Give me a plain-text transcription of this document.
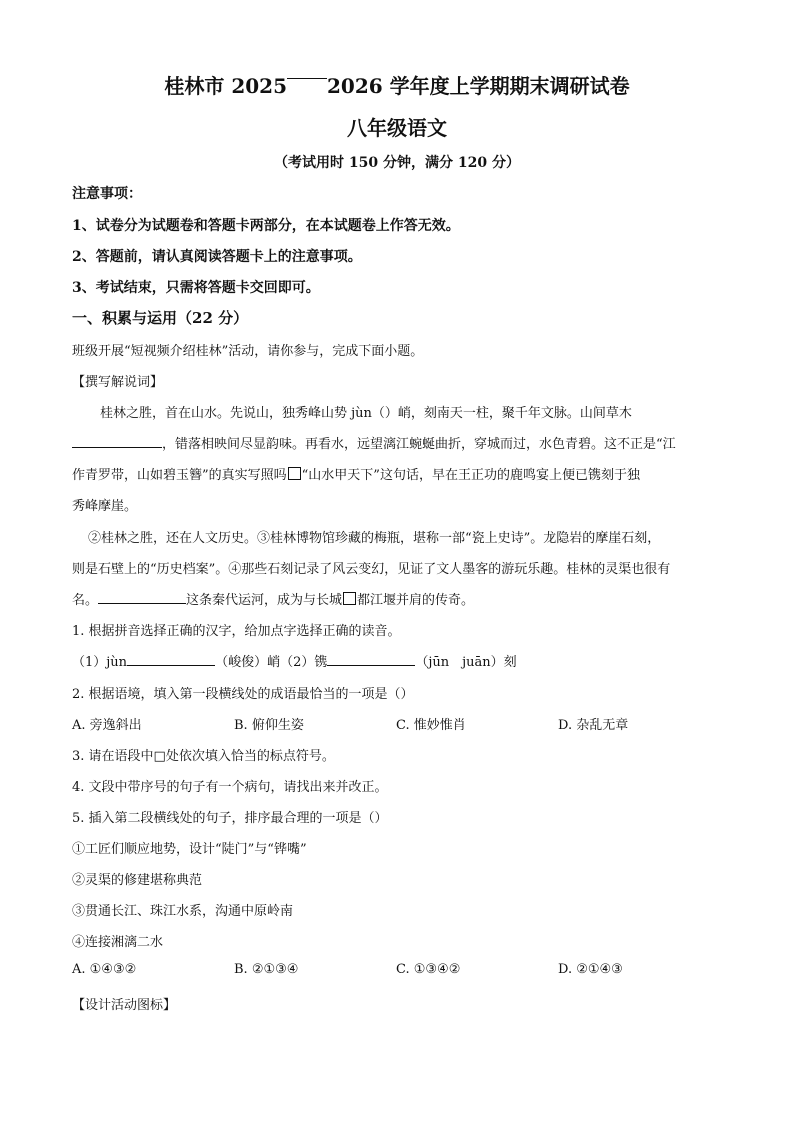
桂林市 2025 2026 学年度上学期期末调研试卷
八年级语文
（考试用时 150 分钟，满分 120 分）
注意事项：
1、试卷分为试题卷和答题卡两部分，在本试题卷上作答无效。
2、答题前，请认真阅读答题卡上的注意事项。
3、考试结束，只需将答题卡交回即可。
一、积累与运用（22 分）
班级开展“短视频介绍桂林”活动，请你参与，完成下面小题。
【撰写解说词】
桂林之胜，首在山水。先说山，独秀峰山势 jùn（）峭，刻南天一柱，聚千年文脉。山间草木
，错落相映间尽显韵味。再看水，远望漓江蜿蜒曲折，穿城而过，水色青碧。这不正是“江
作青罗带，山如碧玉簪”的真实写照吗 “山水甲天下”这句话，早在王正功的鹿鸣宴上便已镌刻于独
秀峰摩崖。
②桂林之胜，还在人文历史。③桂林博物馆珍藏的梅瓶，堪称一部“瓷上史诗”。龙隐岩的摩崖石刻，
则是石壁上的“历史档案”。④那些石刻记录了风云变幻，见证了文人墨客的游玩乐趣。桂林的灵渠也很有
名。	这条秦代运河，成为与长城 都江堰并肩的传奇。
1. 根据拼音选择正确的汉字，给加点字选择正确的读音。
（1）jùn	（峻俊）峭（2）镌	（jūn　juān）刻
2. 根据语境，填入第一段横线处的成语最恰当的一项是（）
A. 旁逸斜出	B. 俯仰生姿	C. 惟妙惟肖	D. 杂乱无章
3. 请在语段中□处依次填入恰当的标点符号。
4. 文段中带序号的句子有一个病句，请找出来并改正。
5. 插入第二段横线处的句子，排序最合理的一项是（）
①工匠们顺应地势，设计“陡门”与“铧嘴”
②灵渠的修建堪称典范
③贯通长江、珠江水系，沟通中原岭南
④连接湘漓二水
A. ①④③②	B. ②①③④	C. ①③④②	D. ②①④③
【设计活动图标】
